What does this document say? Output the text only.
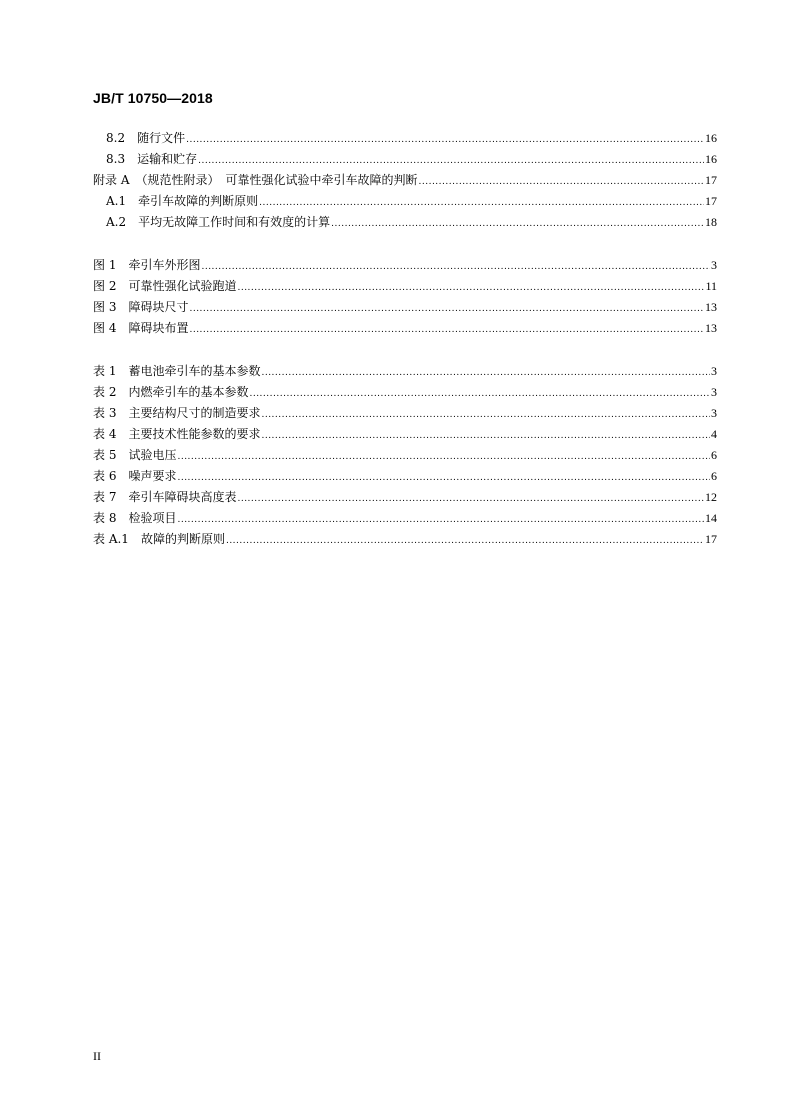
JB/T 10750—2018
8.2	随行文件 .....	16
8.3	运输和贮存 .....	16
附录 A （规范性附录）　可靠性强化试验中牵引车故障的判断 .....	17
A.1	牵引车故障的判断原则 .....	17
A.2	平均无故障工作时间和有效度的计算 .....	18
图 1	牵引车外形图 .....	3
图 2	可靠性强化试验跑道 .....	11
图 3	障碍块尺寸 .....	13
图 4	障碍块布置 .....	13
表 1	蓄电池牵引车的基本参数 .....	3
表 2	内燃牵引车的基本参数 .....	3
表 3	主要结构尺寸的制造要求 .....	3
表 4	主要技术性能参数的要求 .....	4
表 5	试验电压 .....	6
表 6	噪声要求 .....	6
表 7	牵引车障碍块高度表 .....	12
表 8	检验项目 .....	14
表 A.1	故障的判断原则 .....	17
II
